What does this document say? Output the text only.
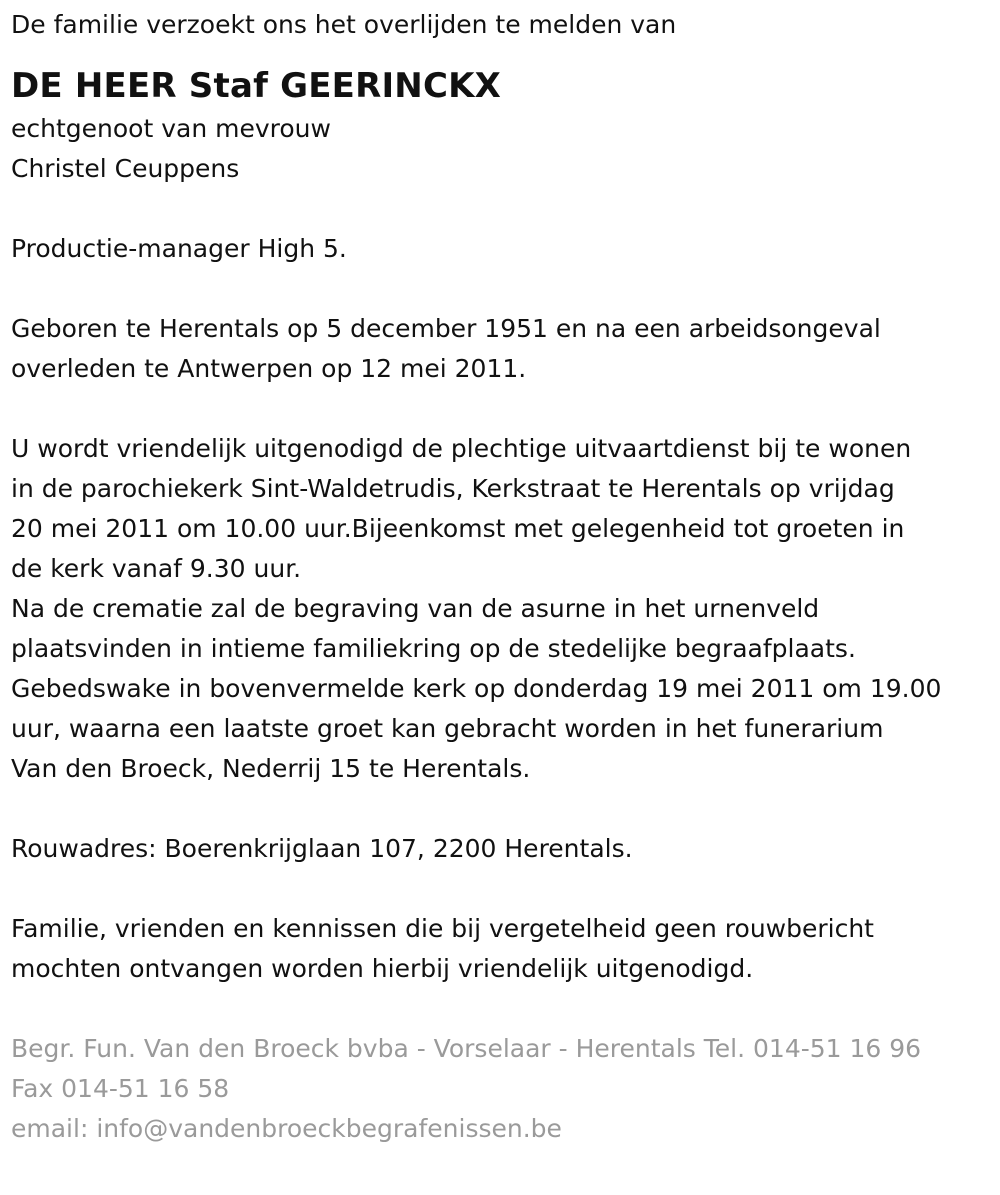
De familie verzoekt ons het overlijden te melden van
DE HEER Staf GEERINCKX
echtgenoot van mevrouw
Christel Ceuppens
Productie-manager High 5.
Geboren te Herentals op 5 december 1951 en na een arbeidsongeval
overleden te Antwerpen op 12 mei 2011.
U wordt vriendelijk uitgenodigd de plechtige uitvaartdienst bij te wonen
in de parochiekerk Sint-Waldetrudis, Kerkstraat te Herentals op vrijdag
20 mei 2011 om 10.00 uur.Bijeenkomst met gelegenheid tot groeten in
de kerk vanaf 9.30 uur.
Na de crematie zal de begraving van de asurne in het urnenveld
plaatsvinden in intieme familiekring op de stedelijke begraafplaats.
Gebedswake in bovenvermelde kerk op donderdag 19 mei 2011 om 19.00
uur, waarna een laatste groet kan gebracht worden in het funerarium
Van den Broeck, Nederrij 15 te Herentals.
Rouwadres: Boerenkrijglaan 107, 2200 Herentals.
Familie, vrienden en kennissen die bij vergetelheid geen rouwbericht
mochten ontvangen worden hierbij vriendelijk uitgenodigd.
Begr. Fun. Van den Broeck bvba - Vorselaar - Herentals Tel. 014-51 16 96
Fax 014-51 16 58
email: info@vandenbroeckbegrafenissen.be
